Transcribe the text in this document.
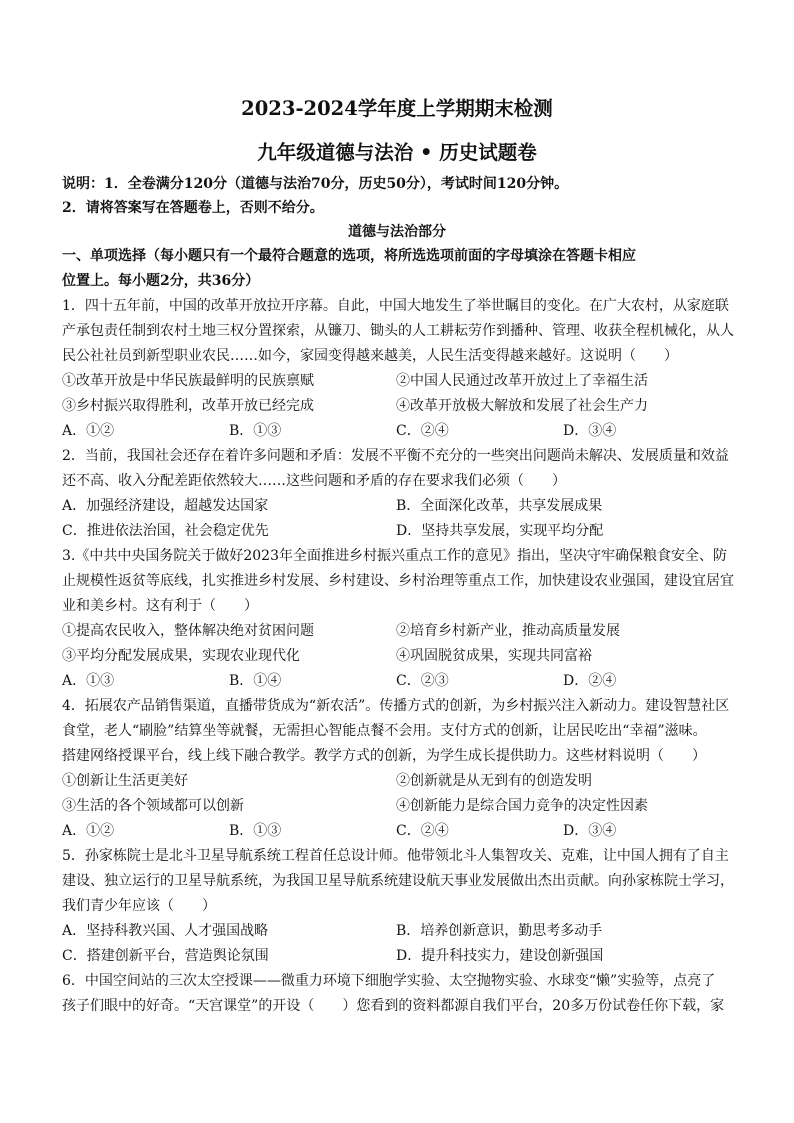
2023-2024学年度上学期期末检测
九年级道德与法治 • 历史试题卷
说明：1．全卷满分120分（道德与法治70分，历史50分），考试时间120分钟。
2．请将答案写在答题卷上，否则不给分。
道德与法治部分
一、单项选择（每小题只有一个最符合题意的选项，将所选选项前面的字母填涂在答题卡相应
位置上。每小题2分，共36分）
1．四十五年前，中国的改革开放拉开序幕。自此，中国大地发生了举世瞩目的变化。在广大农村，从家庭联
产承包责任制到农村土地三权分置探索，从镰刀、锄头的人工耕耘劳作到播种、管理、收获全程机械化，从人
民公社社员到新型职业农民……如今，家园变得越来越美，人民生活变得越来越好。这说明（　　）
①改革开放是中华民族最鲜明的民族禀赋	②中国人民通过改革开放过上了幸福生活
③乡村振兴取得胜利，改革开放已经完成	④改革开放极大解放和发展了社会生产力
A．①②	B．①③	C．②④	D．③④
2．当前，我国社会还存在着许多问题和矛盾：发展不平衡不充分的一些突出问题尚未解决、发展质量和效益
还不高、收入分配差距依然较大……这些问题和矛盾的存在要求我们必须（　　）
A．加强经济建设，超越发达国家	B．全面深化改革，共享发展成果
C．推进依法治国，社会稳定优先	D．坚持共享发展，实现平均分配
3.《中共中央国务院关于做好2023年全面推进乡村振兴重点工作的意见》指出，坚决守牢确保粮食安全、防
止规模性返贫等底线，扎实推进乡村发展、乡村建设、乡村治理等重点工作，加快建设农业强国，建设宜居宜
业和美乡村。这有利于（　　）
①提高农民收入，整体解决绝对贫困问题	②培育乡村新产业，推动高质量发展
③平均分配发展成果，实现农业现代化	④巩固脱贫成果，实现共同富裕
A．①③	B．①④	C．②③	D．②④
4．拓展农产品销售渠道，直播带货成为“新农活”。传播方式的创新，为乡村振兴注入新动力。建设智慧社区
食堂，老人“刷脸”结算坐等就餐，无需担心智能点餐不会用。支付方式的创新，让居民吃出“幸福”滋味。
搭建网络授课平台，线上线下融合教学。教学方式的创新，为学生成长提供助力。这些材料说明（　　）
①创新让生活更美好	②创新就是从无到有的创造发明
③生活的各个领域都可以创新	④创新能力是综合国力竞争的决定性因素
A．①②	B．①③	C．②④	D．③④
5．孙家栋院士是北斗卫星导航系统工程首任总设计师。他带领北斗人集智攻关、克难，让中国人拥有了自主
建设、独立运行的卫星导航系统，为我国卫星导航系统建设航天事业发展做出杰出贡献。向孙家栋院士学习，
我们青少年应该（　　）
A．坚持科教兴国、人才强国战略	B．培养创新意识，勤思考多动手
C．搭建创新平台，营造舆论氛围	D．提升科技实力，建设创新强国
6．中国空间站的三次太空授课——微重力环境下细胞学实验、太空抛物实验、水球变“懒”实验等，点亮了
孩子们眼中的好奇。“天宫课堂”的开设（　　）您看到的资料都源自我们平台，20多万份试卷任你下载，家
